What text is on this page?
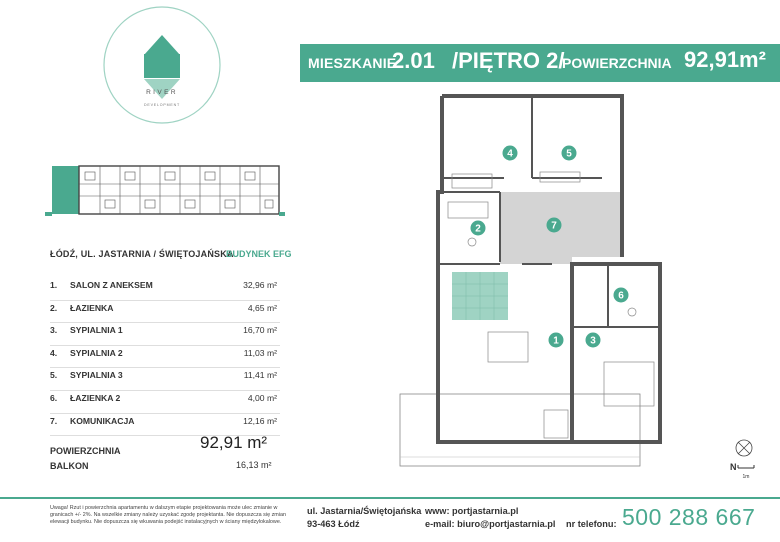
RIVER
DEVELOPMENT
ŁÓDŹ, UL. JASTARNIA / ŚWIĘTOJAŃSKA
BUDYNEK EFG
1. SALON Z ANEKSEM	32,96 m²
2. ŁAZIENKA	4,65 m²
3. SYPIALNIA 1	16,70 m²
4. SYPIALNIA 2	11,03 m²
5. SYPIALNIA 3	11,41 m²
6. ŁAZIENKA 2	4,00 m²
7. KOMUNIKACJA	12,16 m²
POWIERZCHNIA	92,91 m²
BALKON	16,13 m²
MIESZKANIE
2.01 /PIĘTRO 2/
POWIERZCHNIA 92,91m²
1
2
3
4	5
6
7
N
1m
Uwaga! Rzut i powierzchnia apartamentu w dalszym etapie projektowania może ulec zmianie w granicach +/- 2%. Na wszelkie zmiany należy uzyskać zgodę projektanta. Nie dopuszcza się zmian elewacji budynku. Nie dopuszcza się wkuwania podejść instalacyjnych w ściany międzylokalowe.
ul. Jastarnia/Świętojańska
93-463 Łódź
www: portjastarnia.pl
e-mail: biuro@portjastarnia.pl nr telefonu: 500 288 667
